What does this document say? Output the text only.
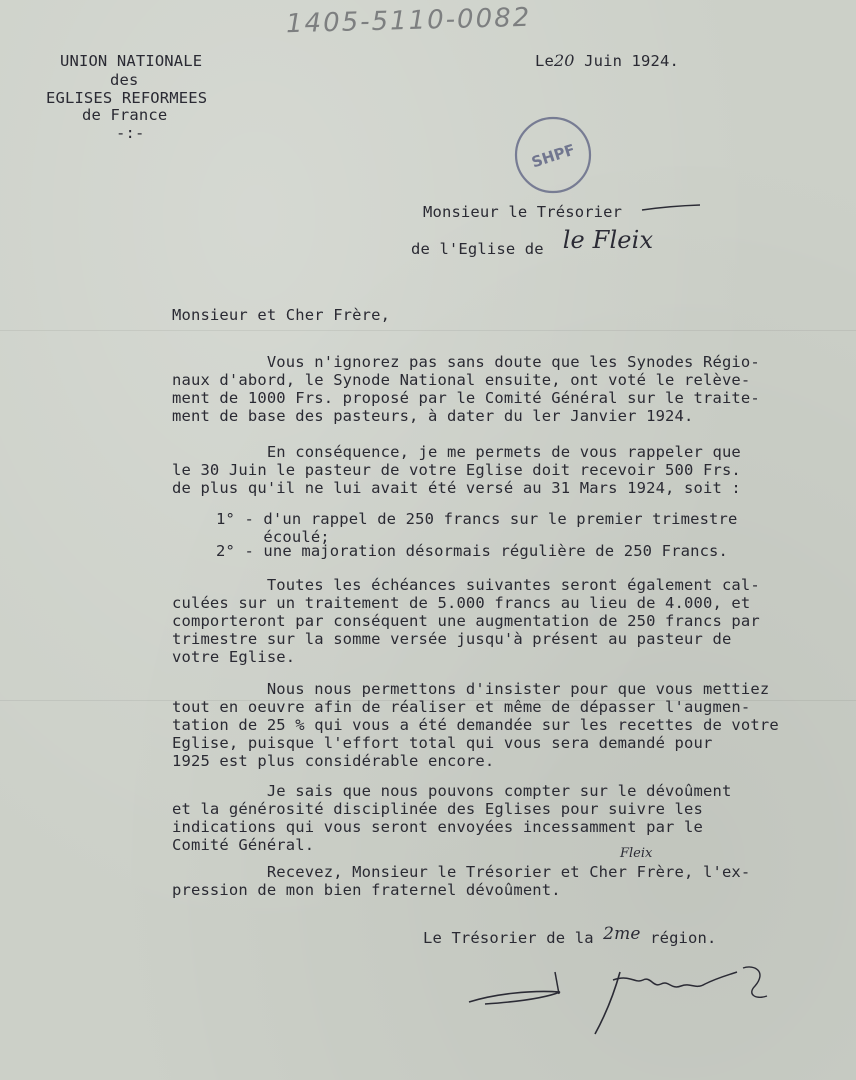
1405-5110-0082
UNION NATIONALE
des
EGLISES REFORMEES
de France
-:-
Le20 Juin 1924.
SHPF
Monsieur le Trésorier
de l'Eglise de le Fleix
Monsieur et Cher Frère,
Vous n'ignorez pas sans doute que les Synodes Régio-
naux d'abord, le Synode National ensuite, ont voté le relève-
ment de 1000 Frs. proposé par le Comité Général sur le traite-
ment de base des pasteurs, à dater du ler Janvier 1924.
En conséquence, je me permets de vous rappeler que
le 30 Juin le pasteur de votre Eglise doit recevoir 500 Frs.
de plus qu'il ne lui avait été versé au 31 Mars 1924, soit :
1° - d'un rappel de 250 francs sur le premier trimestre
écoulé;
2° - une majoration désormais régulière de 250 Francs.
Toutes les échéances suivantes seront également cal-
culées sur un traitement de 5.000 francs au lieu de 4.000, et
comporteront par conséquent une augmentation de 250 francs par
trimestre sur la somme versée jusqu'à présent au pasteur de
votre Eglise.
Nous nous permettons d'insister pour que vous mettiez
tout en oeuvre afin de réaliser et même de dépasser l'augmen-
tation de 25 % qui vous a été demandée sur les recettes de votre
Eglise, puisque l'effort total qui vous sera demandé pour
1925 est plus considérable encore.
Je sais que nous pouvons compter sur le dévoûment
et la générosité disciplinée des Eglises pour suivre les
indications qui vous seront envoyées incessamment par le
Comité Général.	Fleix
Recevez, Monsieur le Trésorier et Cher Frère, l'ex-
pression de mon bien fraternel dévoûment.
Le Trésorier de la 2me région.
